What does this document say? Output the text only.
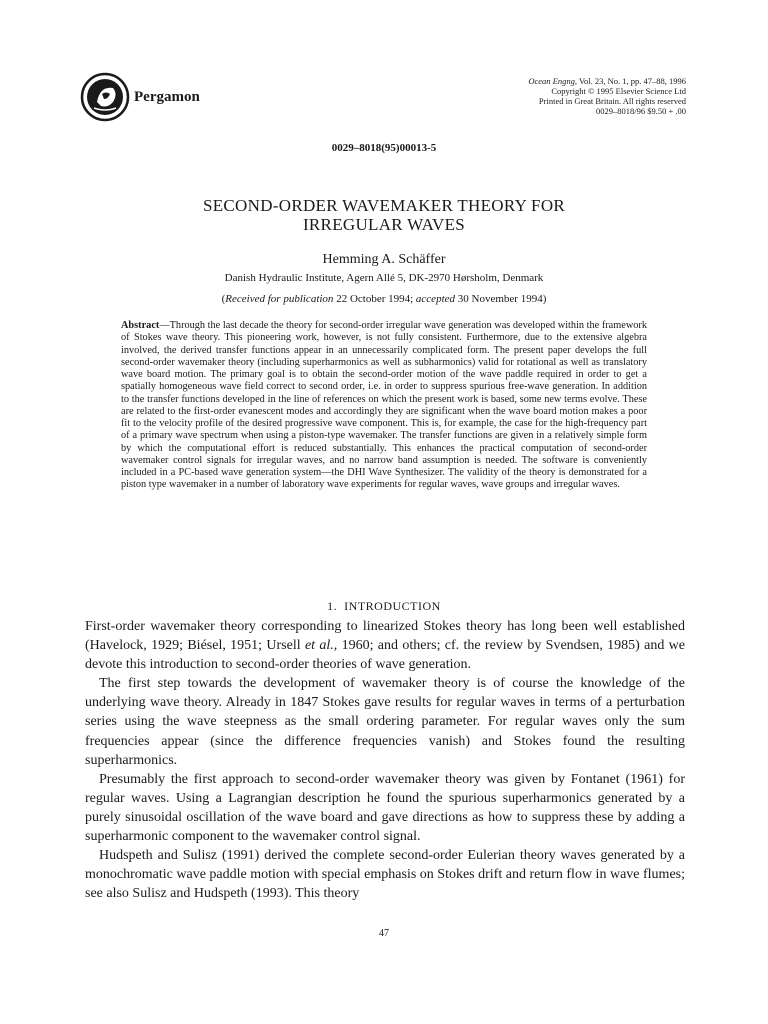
Pergamon
Ocean Engng, Vol. 23, No. 1, pp. 47–88, 1996
Copyright © 1995 Elsevier Science Ltd
Printed in Great Britain. All rights reserved
0029–8018/96 $9.50 + .00
0029–8018(95)00013-5
SECOND-ORDER WAVEMAKER THEORY FOR
IRREGULAR WAVES
Hemming A. Schäffer
Danish Hydraulic Institute, Agern Allé 5, DK-2970 Hørsholm, Denmark
(Received for publication 22 October 1994; accepted 30 November 1994)
Abstract—Through the last decade the theory for second-order irregular wave generation was developed within the framework of Stokes wave theory. This pioneering work, however, is not fully consistent. Furthermore, due to the extensive algebra involved, the derived transfer functions appear in an unnecessarily complicated form. The present paper develops the full second-order wavemaker theory (including superharmonics as well as subharmonics) valid for rotational as well as translatory wave board motion. The primary goal is to obtain the second-order motion of the wave paddle required in order to get a spatially homogeneous wave field correct to second order, i.e. in order to suppress spurious free-wave generation. In addition to the transfer functions developed in the line of references on which the present work is based, some new terms evolve. These are related to the first-order evanescent modes and accordingly they are significant when the wave board motion makes a poor fit to the velocity profile of the desired progressive wave component. This is, for example, the case for the high-frequency part of a primary wave spectrum when using a piston-type wavemaker. The transfer functions are given in a relatively simple form by which the computational effort is reduced substantially. This enhances the practical computation of second-order wavemaker control signals for irregular waves, and no narrow band assumption is needed. The software is conveniently included in a PC-based wave generation system—the DHI Wave Synthesizer. The validity of the theory is demonstrated for a piston type wavemaker in a number of laboratory wave experiments for regular waves, wave groups and irregular waves.
1. INTRODUCTION

First-order wavemaker theory corresponding to linearized Stokes theory has long been well established (Havelock, 1929; Biésel, 1951; Ursell et al., 1960; and others; cf. the review by Svendsen, 1985) and we devote this introduction to second-order theories of wave generation.

The first step towards the development of wavemaker theory is of course the knowledge of the underlying wave theory. Already in 1847 Stokes gave results for regular waves in terms of a perturbation series using the wave steepness as the small ordering parameter. For regular waves only the sum frequencies appear (since the difference frequencies vanish) and Stokes found the resulting superharmonics.

Presumably the first approach to second-order wavemaker theory was given by Fontanet (1961) for regular waves. Using a Lagrangian description he found the spurious superharmonics generated by a purely sinusoidal oscillation of the wave board and gave directions as how to suppress these by adding a superharmonic component to the wavemaker control signal.

Hudspeth and Sulisz (1991) derived the complete second-order Eulerian theory waves generated by a monochromatic wave paddle motion with special emphasis on Stokes drift and return flow in wave flumes; see also Sulisz and Hudspeth (1993). This theory

47
